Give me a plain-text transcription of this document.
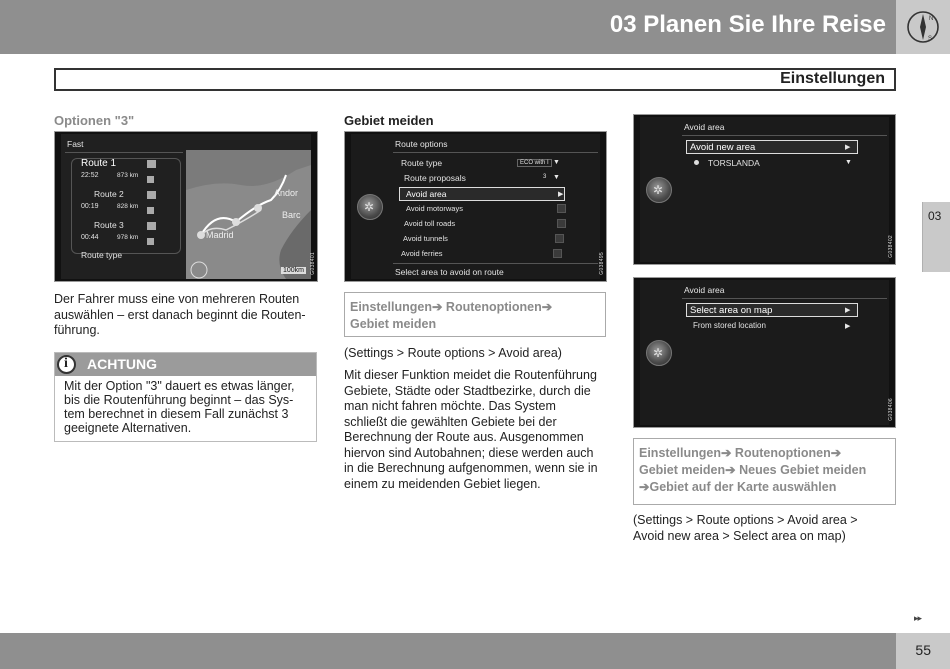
03 Planen Sie Ihre Reise	N
S
Einstellungen
03
Optionen "3"
Fast
Route 1
22:52	873 km
Route 2
00:19	828 km
Route 3
00:44	978 km
Route type
Andor
Barc
Madrid
100km	G038401
Der Fahrer muss eine von mehreren Routen
auswählen – erst danach beginnt die Routen-
führung.
i ACHTUNG
Mit der Option "3" dauert es etwas länger,
bis die Routenführung beginnt – das Sys-
tem berechnet in diesem Fall zunächst 3
geeignete Alternativen.
Gebiet meiden
✲
Route options
Route type	ECO with I ▼
Route proposals	3 ▼
Avoid area	▶
Avoid motorways
Avoid toll roads
Avoid tunnels
Avoid ferries
Select area to avoid on route	G038495
Einstellungen➔ Routenoptionen➔
Gebiet meiden
(Settings > Route options > Avoid area)
Mit dieser Funktion meidet die Routenführung
Gebiete, Städte oder Stadtbezirke, durch die
man nicht fahren möchte. Das System
schließt die gewählten Gebiete bei der
Berechnung der Route aus. Ausgenommen
hiervon sind Autobahnen; diese werden auch
in die Berechnung aufgenommen, wenn sie in
einem zu meidenden Gebiet liegen.
✲
Avoid area
Avoid new area	▶
TORSLANDA	▼
G038402
✲
Avoid area
Select area on map	▶
From stored location	▶
G038406
Einstellungen➔ Routenoptionen➔
Gebiet meiden➔ Neues Gebiet meiden
➔Gebiet auf der Karte auswählen
(Settings > Route options > Avoid area >
Avoid new area > Select area on map)
▸▸
55
